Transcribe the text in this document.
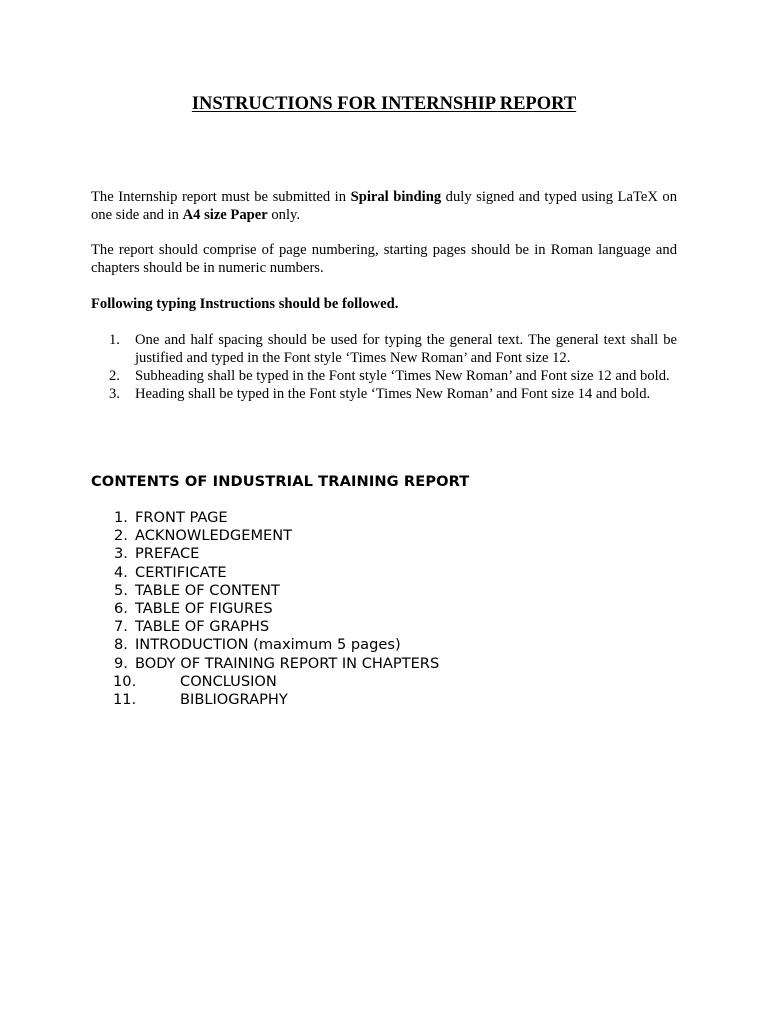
INSTRUCTIONS FOR INTERNSHIP REPORT

The Internship report must be submitted in Spiral binding duly signed and typed using LaTeX on one side and in A4 size Paper only.

The report should comprise of page numbering, starting pages should be in Roman language and chapters should be in numeric numbers.

Following typing Instructions should be followed.

1.	One and half spacing should be used for typing the general text. The general text shall be justified and typed in the Font style ‘Times New Roman’ and Font size 12.
2.	Subheading shall be typed in the Font style ‘Times New Roman’ and Font size 12 and bold.
3.	Heading shall be typed in the Font style ‘Times New Roman’ and Font size 14 and bold.
CONTENTS OF INDUSTRIAL TRAINING REPORT
1. FRONT PAGE
2. ACKNOWLEDGEMENT
3. PREFACE
4. CERTIFICATE
5. TABLE OF CONTENT
6. TABLE OF FIGURES
7. TABLE OF GRAPHS
8. INTRODUCTION (maximum 5 pages)
9. BODY OF TRAINING REPORT IN CHAPTERS
10.	CONCLUSION
11.	BIBLIOGRAPHY
